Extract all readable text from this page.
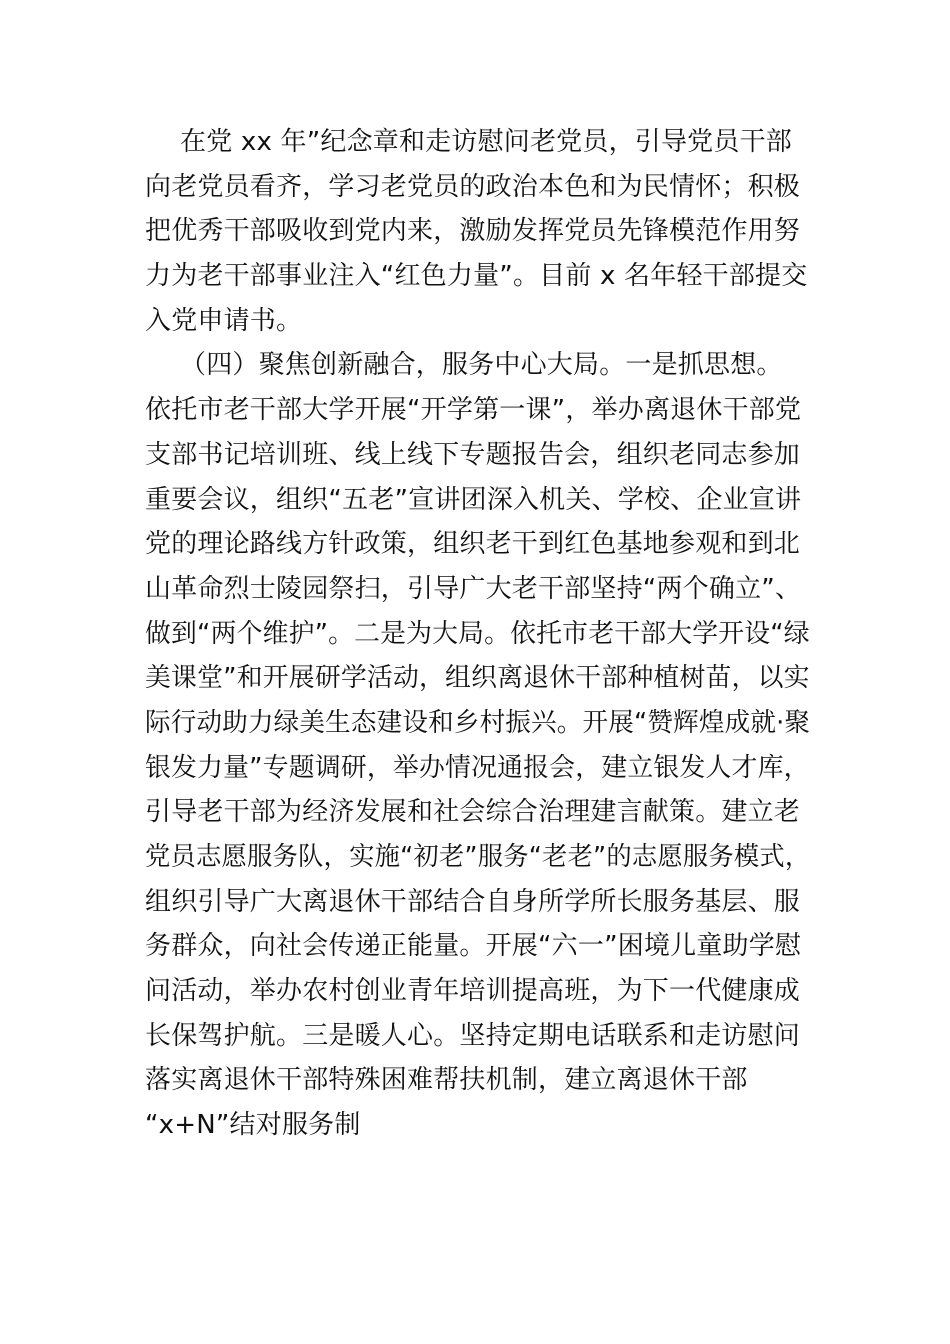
在党 xx 年”纪念章和走访慰问老党员，引导党员干部
向老党员看齐，学习老党员的政治本色和为民情怀；积极
把优秀干部吸收到党内来，激励发挥党员先锋模范作用努
力为老干部事业注入“红色力量”。目前 x 名年轻干部提交
入党申请书。
（四）聚焦创新融合，服务中心大局。一是抓思想。
依托市老干部大学开展“开学第一课”，举办离退休干部党
支部书记培训班、线上线下专题报告会，组织老同志参加
重要会议，组织“五老”宣讲团深入机关、学校、企业宣讲
党的理论路线方针政策，组织老干到红色基地参观和到北
山革命烈士陵园祭扫，引导广大老干部坚持“两个确立”、
做到“两个维护”。二是为大局。依托市老干部大学开设“绿
美课堂”和开展研学活动，组织离退休干部种植树苗，以实
际行动助力绿美生态建设和乡村振兴。开展“赞辉煌成就·聚
银发力量”专题调研，举办情况通报会，建立银发人才库，
引导老干部为经济发展和社会综合治理建言献策。建立老
党员志愿服务队，实施“初老”服务“老老”的志愿服务模式，
组织引导广大离退休干部结合自身所学所长服务基层、服
务群众，向社会传递正能量。开展“六一”困境儿童助学慰
问活动，举办农村创业青年培训提高班，为下一代健康成
长保驾护航。三是暖人心。坚持定期电话联系和走访慰问
落实离退休干部特殊困难帮扶机制，建立离退休干部
“x+N”结对服务制
